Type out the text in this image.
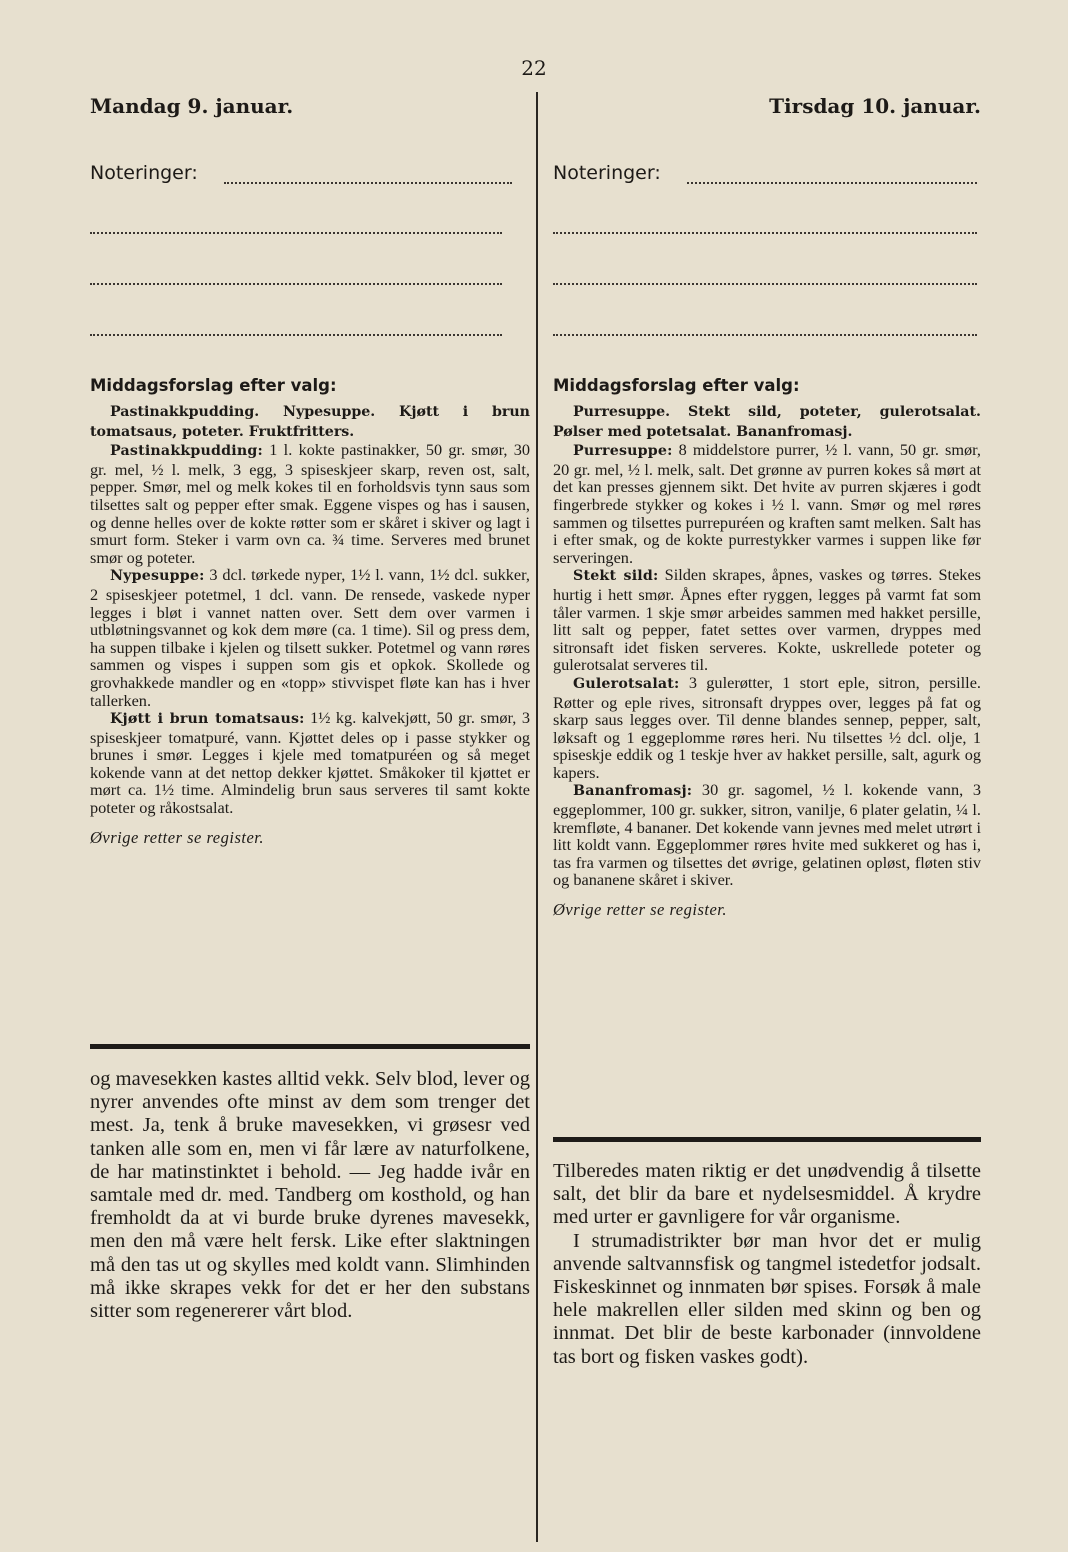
22
Mandag 9. januar.
Noteringer:
Middagsforslag efter valg:

Pastinakkpudding. Nypesuppe. Kjøtt i brun tomatsaus, poteter. Fruktfritters.

Pastinakkpudding: 1 l. kokte pastinakker, 50 gr. smør, 30 gr. mel, ½ l. melk, 3 egg, 3 spiseskjeer skarp, reven ost, salt, pepper. Smør, mel og melk kokes til en forholdsvis tynn saus som tilsettes salt og pepper efter smak. Eggene vispes og has i sausen, og denne helles over de kokte røtter som er skåret i skiver og lagt i smurt form. Steker i varm ovn ca. ¾ time. Serveres med brunet smør og poteter.

Nypesuppe: 3 dcl. tørkede nyper, 1½ l. vann, 1½ dcl. sukker, 2 spiseskjeer potetmel, 1 dcl. vann. De rensede, vaskede nyper legges i bløt i vannet natten over. Sett dem over varmen i utbløtningsvannet og kok dem møre (ca. 1 time). Sil og press dem, ha suppen tilbake i kjelen og tilsett sukker. Potetmel og vann røres sammen og vispes i suppen som gis et opkok. Skollede og grovhakkede mandler og en «topp» stivvispet fløte kan has i hver tallerken.

Kjøtt i brun tomatsaus: 1½ kg. kalvekjøtt, 50 gr. smør, 3 spiseskjeer tomatpuré, vann. Kjøttet deles op i passe stykker og brunes i smør. Legges i kjele med tomatpuréen og så meget kokende vann at det nettop dekker kjøttet. Småkoker til kjøttet er mørt ca. 1½ time. Almindelig brun saus serveres til samt kokte poteter og råkostsalat.

Øvrige retter se register.

og mavesekken kastes alltid vekk. Selv blod, lever og nyrer anvendes ofte minst av dem som trenger det mest. Ja, tenk å bruke mavesekken, vi grøsesr ved tanken alle som en, men vi får lære av naturfolkene, de har matinstinktet i behold. — Jeg hadde ivår en samtale med dr. med. Tandberg om kosthold, og han fremholdt da at vi burde bruke dyrenes mavesekk, men den må være helt fersk. Like efter slaktningen må den tas ut og skylles med koldt vann. Slimhinden må ikke skrapes vekk for det er her den substans sitter som regenererer vårt blod.

Tirsdag 10. januar.
Noteringer:
Middagsforslag efter valg:

Purresuppe. Stekt sild, poteter, gulerotsalat. Pølser med potetsalat. Bananfromasj.

Purresuppe: 8 middelstore purrer, ½ l. vann, 50 gr. smør, 20 gr. mel, ½ l. melk, salt. Det grønne av purren kokes så mørt at det kan presses gjennem sikt. Det hvite av purren skjæres i godt fingerbrede stykker og kokes i ½ l. vann. Smør og mel røres sammen og tilsettes purrepuréen og kraften samt melken. Salt has i efter smak, og de kokte purrestykker varmes i suppen like før serveringen.

Stekt sild: Silden skrapes, åpnes, vaskes og tørres. Stekes hurtig i hett smør. Åpnes efter ryggen, legges på varmt fat som tåler varmen. 1 skje smør arbeides sammen med hakket persille, litt salt og pepper, fatet settes over varmen, dryppes med sitronsaft idet fisken serveres. Kokte, uskrellede poteter og gulerotsalat serveres til.

Gulerotsalat: 3 gulerøtter, 1 stort eple, sitron, persille. Røtter og eple rives, sitronsaft dryppes over, legges på fat og skarp saus legges over. Til denne blandes sennep, pepper, salt, løksaft og 1 eggeplomme røres heri. Nu tilsettes ½ dcl. olje, 1 spiseskje eddik og 1 teskje hver av hakket persille, salt, agurk og kapers.

Bananfromasj: 30 gr. sagomel, ½ l. kokende vann, 3 eggeplommer, 100 gr. sukker, sitron, vanilje, 6 plater gelatin, ¼ l. kremfløte, 4 bananer. Det kokende vann jevnes med melet utrørt i litt koldt vann. Eggeplommer røres hvite med sukkeret og has i, tas fra varmen og tilsettes det øvrige, gelatinen opløst, fløten stiv og bananene skåret i skiver.

Øvrige retter se register.

Tilberedes maten riktig er det unødvendig å tilsette salt, det blir da bare et nydelsesmiddel. Å krydre med urter er gavnligere for vår organisme.

I strumadistrikter bør man hvor det er mulig anvende saltvannsfisk og tangmel istedetfor jodsalt. Fiskeskinnet og innmaten bør spises. Forsøk å male hele makrellen eller silden med skinn og ben og innmat. Det blir de beste karbonader (innvoldene tas bort og fisken vaskes godt).
